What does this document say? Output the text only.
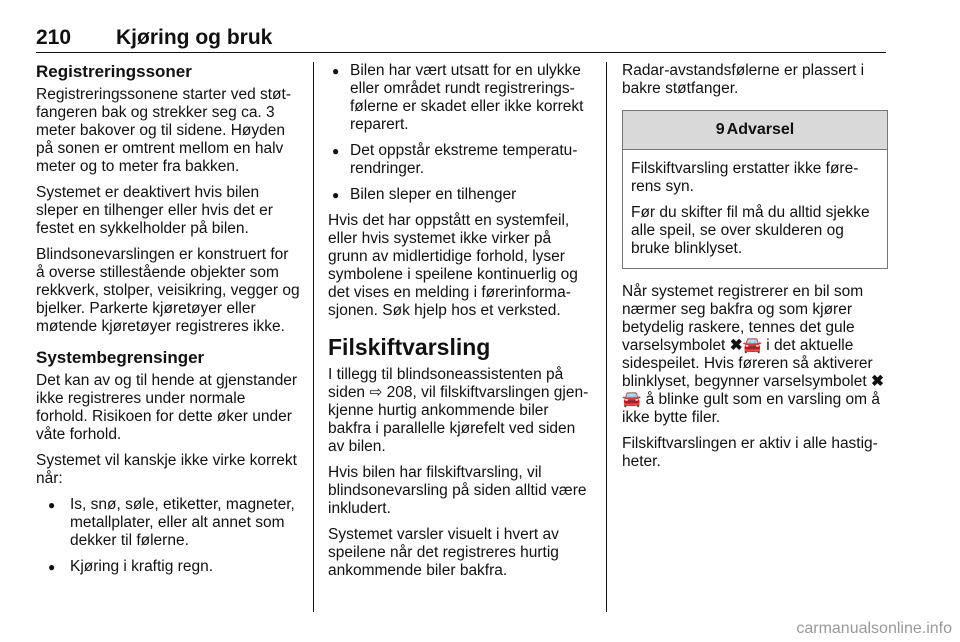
210 Kjøring og bruk
Registreringssoner

Registreringssonene starter ved støt-fangeren bak og strekker seg ca. 3 meter bakover og til sidene. Høyden på sonen er omtrent mellom en halv meter og to meter fra bakken.

Systemet er deaktivert hvis bilen sleper en tilhenger eller hvis det er festet en sykkelholder på bilen.

Blindsonevarslingen er konstruert for å overse stillestående objekter som rekkverk, stolper, veisikring, vegger og bjelker. Parkerte kjøretøyer eller møtende kjøretøyer registreres ikke.

Systembegrensinger

Det kan av og til hende at gjenstander ikke registreres under normale forhold. Risikoen for dette øker under våte forhold.

Systemet vil kanskje ikke virke korrekt når:

● Is, snø, søle, etiketter, magneter, metallplater, eller alt annet som dekker til følerne.
● Kjøring i kraftig regn.
● Bilen har vært utsatt for en ulykke eller området rundt registrerings-følerne er skadet eller ikke korrekt reparert.
● Det oppstår ekstreme temperatu-rendringer.
● Bilen sleper en tilhenger

Hvis det har oppstått en systemfeil, eller hvis systemet ikke virker på grunn av midlertidige forhold, lyser symbolene i speilene kontinuerlig og det vises en melding i førerinforma-sjonen. Søk hjelp hos et verksted.

Filskiftvarsling

I tillegg til blindsoneassistenten på siden ⇨ 208, vil filskiftvarslingen gjen-kjenne hurtig ankommende biler bakfra i parallelle kjørefelt ved siden av bilen.

Hvis bilen har filskiftvarsling, vil blindsonevarsling på siden alltid være inkludert.

Systemet varsler visuelt i hvert av speilene når det registreres hurtig ankommende biler bakfra.

Radar-avstandsfølerne er plassert i bakre støtfanger.

9 Advarsel

Filskiftvarsling erstatter ikke føre-rens syn.

Før du skifter fil må du alltid sjekke alle speil, se over skulderen og bruke blinklyset.

Når systemet registrerer en bil som nærmer seg bakfra og som kjører betydelig raskere, tennes det gule varselsymbolet ✖🚘 i det aktuelle sidespeilet. Hvis føreren så aktiverer blinklyset, begynner varselsymbolet ✖🚘 å blinke gult som en varsling om å ikke bytte filer.

Filskiftvarslingen er aktiv i alle hastig-heter.

carmanualsonline.info
